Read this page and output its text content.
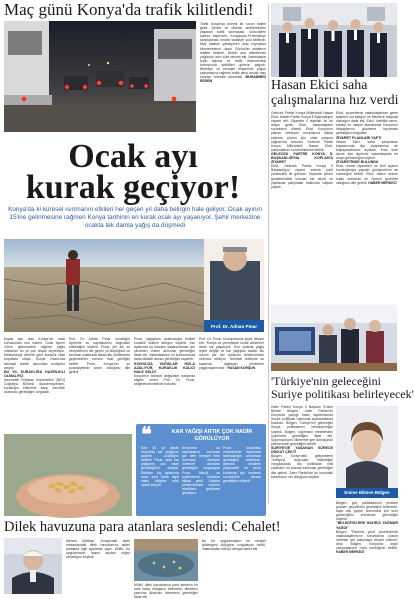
Maç günü Konya'da trafik kilitlendi!
Trafik Konya'da önemli bir sorun haline geldi. Şehrin ve ülkenin ambleminden yaşanan trafik karmaşası, sürücülerin sabrını taşırırken, Konyaspor-Fenerbahçe karşılaşması öncesi stadyum yolu kilitlendi. Maç saatine yaklaşırken araç kuyrukları kilometrelerce uzadı. Sürücüler saatlerce trafikte bekledi. Şehrin ana arterlerinde yoğunluk uzun süre devam etti. Vatandaşlar toplu taşıma ve trafik düzenlemesi konusunda yetkilileri göreve çağırdı. Belediye ve emniyet ekiplerinin yoğun çalışmasına rağmen trafik akışı ancak maç sonrası normale dönebildi. MUHAMMED ERDEM	Hasan Ekici saha
çalışmalarına hız verdi
Gelecek Partisi Konya Milletvekili Hasan Ekici, Adalet Partisi Konya İl Başkanlığını ziyaret etti. Ziyarette il teşkilatı ile bir araya gelen Ekici, vatandaşların sorunlarını dinledi. Ekici, Konya'nın yatırım bekleyen sorunlarına dikkat çekerek çözüm için ortak çalışma çağrısında bulundu. Gelecek Partisi Konya Milletvekili Hasan Ekici, çalışmalarını sürdürdüklerini belirtti.
GELECEK PARTİSİ KONYA İL BAŞKANLIĞI'NA KOPLAN'A ZİYARET
Ekici, Gelecek Partisi Konya İl Başkanlığını ziyaret ederek parti yöneticileri ile görüştü. Ziyarette şehrin gündemindeki konular ele alındı ve yapılacak çalışmalar hakkında istişare yapıldı.
Ekici, ziyaretlerde vatandaşlardan gelen talepleri not aldığını ve Meclis'te takipçisi olacağını ifade etti. Ekici, özellikle tarım, sanayi ve ulaşım alanlarında Konya'nın ihtiyaçlarının gündeme taşınması gerektiğini vurguladı.
ZİYARET PLANLARI YAPTI
Hasan Ekici, saha çalışmaları kapsamında ilçe ziyaretlerine de başlayacaklarını açıkladı. Kısa süre içinde tüm ilçelerde vatandaşlarla bir araya gelineceğini söyledi.
ZİYARETİNDE BULUNDU
Ekici, esnaf ziyaretleri ve sivil toplum kuruluşlarıyla yapılan görüşmelerin de süreceğini belirtti. Ekici, halkın sesine kulak vermenin en önemli görevleri olduğunu dile getirdi. HABER MERKEZİ
Ocak ayı
kurak geçiyor!
Konya'da ki küresel ısınmanın etkileri her geçen yıl daha belirgin hale geliyor. Ocak ayının 15'ine gelinmesine rağmen Konya tarihinin en kurak ocak ayı yaşanıyor. Şehir merkezine ocakta tek damla yağış da düşmedi
Prof. Dr. Adnan Pınar
Ayyas ayrı olan Konya'nın ocak kurusundan son haberi. Ocak ayının 15'ine gelinmesine rağmen yağış miktarları bu yıl çok düşük seyrediyor. Meteorolojik verilere göre kuraklık ciddi boyutlara ulaştı. Konya Ovası'nda tarımsal üretim açısından endişeler artıyor.
BU YIL KURAKLIĞA HAZIRLIKLI OLMALIYIZ
Necmettin Erbakan Üniversitesi (NEÜ) Coğrafya Bölümü Akademisyenleri, kuraklığın etkilerine karşı hazırlıklı olunması gerektiğini vurguladı.
Prof. Dr. Adnan Pınar, kuraklığın ilçelerde su kaynaklarını doğrudan etkilediğini söyledi. Pınar, yer altı su seviyelerinin her geçen yıl düştüğünü ve tarımsal sulamada tasarruflu yöntemlere geçilmesinin zorunlu hale geldiğini belirtti. Pınar, Konya'nın su potansiyelinin sınırlı olduğunu dile getirdi.
Pınar, yağışların azalmasıyla birlikte kuraklık riskinin arttığını söyledi. Yaz aylarında su sıkıntısı yaşanmaması için şimdiden önlem alınması gerektiğini ifade etti. Vatandaşların su kullanımında daha dikkatli olması gerektiğini kaydetti.
KONYA'DA YAĞIŞLAR HIZLA AZALIYOR, KURAKLIK KALICI HALE GELDİ
Konya'nın iklimsel değişimler hakkında bilgiler veren Prof. Dr. Pınar, değerlendirmelerde bulundu.
Prof. Dr. Pınar, konuşmasına şöyle devam etti: "Konya ve çevresinde kurak dönemler daha sık yaşanıyor. Son yıllarda yağış rejimi değişti ve kar yağışları azaldı. Bu durum yer altı sularının beslenmesini olumsuz etkiliyor. Tarımsal üretimde su tasarrufu sağlayan yöntemler yaygınlaştırılmalı." HASAN KURŞUN
❝	KAR YAĞIŞI ARTIK ÇOK NADİR GÖRÜLÜYOR
Son 40 yıl içinde Konya'da kar yağışının giderek azaldığını belirten Pınar, artık kar yağışının çok nadir görüldüğünü söyledi. Eskiden kış aylarında uzun süre karla kaplı kalan bölgeler artık çıplak kalıyor.
Konya'nın su kaynaklarını korumak için hem bireysel hem kurumsal düzeyde önlemler alınması gerektiğini vurgulayan Pınar, bilinçli su kullanımının önemine dikkat çekti. Sulama yöntemlerinde modern tekniklere geçilmesi gerekiyor.
Pınar, kuraklıkla mücadelede toplumsal farkındalığın artırılması gerektiğini belirterek, gelecek nesillere yaşanabilir bir çevre bırakmak için herkesin sorumluluk alması gerektiğini söyledi.
'Türkiye'nin geleceğini
Suriye politikası belirleyecek'
Zafer Partisi Konya İl Başkanı Emine Bilmen Bülgen, Zafer Partisi'nin Konya'da yaptığı basın toplantısında Suriye politikası hakkında açıklamalarda bulundu. Bülgen, Türkiye'nin geleceğini Suriye politikasının belirleyeceğini söyledi. Bülgen, sığınmacı meselesinin çözülmesi gerektiğini ifade etti. Sığınmacıların ülkelerine geri dönüşünün planlanması gerektiğini belirtti.
SURİYE'DE YAŞANAN SÜRECE DİKKAT ÇEKTİ
Bülgen, Suriye'deki gelişmelerin Türkiye'yi doğrudan etkilediğini vurgulayarak, dış politikada milli çıkarların ön planda tutulması gerektiğini dile getirdi. Zafer Partisi'nin bu konudaki tutumunun net olduğunu söyledi.
Emine Bilmen Bülgen
Bülgen, göç politikalarının yeniden gözden geçirilmesi gerektiğini belirterek, kayıt dışı göçün önlenmesi için sınır güvenliğinin artırılması gerektiğini söyledi.
"BELEDİYELERE HAYIRCI YAĞMUR YAĞDI"
Bülgen, "Partimiz yerel yönetimlerde vatandaşlarımızın sorunlarına çözüm üretmek için çalışmaya devam edecek" dedi. Bülgen, Konya'da örgüt çalışmalarının hızla sürdüğünü belirtti. HABER MERKEZİ
Dilek havuzuna para atanlara seslendi: Cehalet!
Meram Müftüsü, Konya'daki tarihi mekanlardaki dilek havuzlarına atılan paralarla ilgili açıklama yaptı. Müftü, bu uygulamanın İslami açıdan doğru olmadığını söyledi.
Müftü, dilek havuzlarına para atmanın bir batıl inanç olduğunu belirterek, dileklerin yalnızca Allah'tan istenmesi gerektiğini ifade etti.
Bu tür uygulamaların bir cehalet göstergesi olduğunu vurgulayan müftü, vatandaşları bilinçli olmaya davet etti.
